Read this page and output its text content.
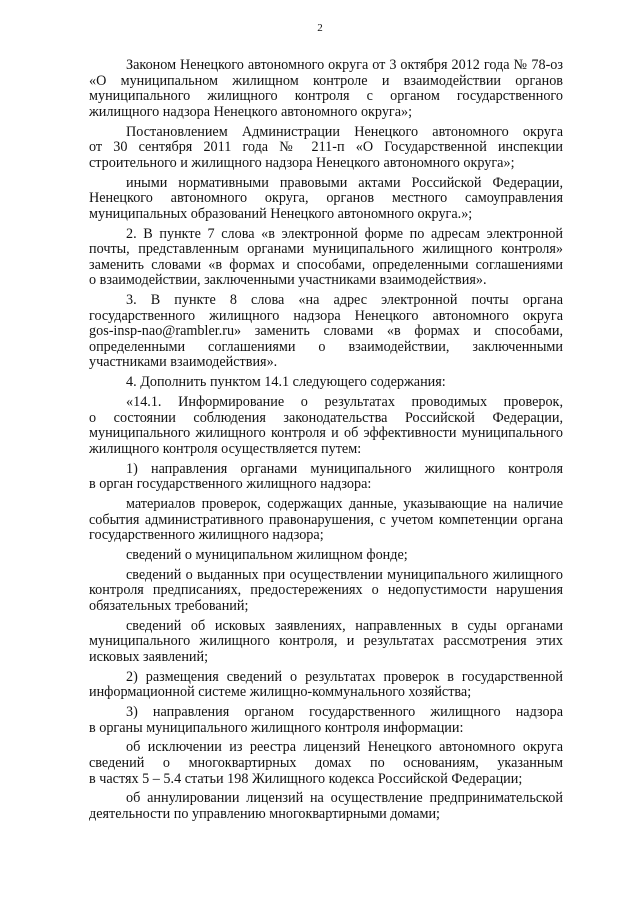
2
Законом Ненецкого автономного округа от 3 октября 2012 года № 78-оз
«О муниципальном жилищном контроле и взаимодействии органов
муниципального жилищного контроля с органом государственного
жилищного надзора Ненецкого автономного округа»;
Постановлением Администрации Ненецкого автономного округа
от 30 сентября 2011 года № 211-п «О Государственной инспекции
строительного и жилищного надзора Ненецкого автономного округа»;
иными нормативными правовыми актами Российской Федерации,
Ненецкого автономного округа, органов местного самоуправления
муниципальных образований Ненецкого автономного округа.»;
2. В пункте 7 слова «в электронной форме по адресам электронной
почты, представленным органами муниципального жилищного контроля»
заменить словами «в формах и способами, определенными соглашениями
о взаимодействии, заключенными участниками взаимодействия».
3. В пункте 8 слова «на адрес электронной почты органа
государственного жилищного надзора Ненецкого автономного округа
gos-insp-nao@rambler.ru» заменить словами «в формах и способами,
определенными соглашениями о взаимодействии, заключенными
участниками взаимодействия».
4. Дополнить пунктом 14.1 следующего содержания:
«14.1. Информирование о результатах проводимых проверок,
о состоянии соблюдения законодательства Российской Федерации,
муниципального жилищного контроля и об эффективности муниципального
жилищного контроля осуществляется путем:
1) направления органами муниципального жилищного контроля
в орган государственного жилищного надзора:
материалов проверок, содержащих данные, указывающие на наличие
события административного правонарушения, с учетом компетенции органа
государственного жилищного надзора;
сведений о муниципальном жилищном фонде;
сведений о выданных при осуществлении муниципального жилищного
контроля предписаниях, предостережениях о недопустимости нарушения
обязательных требований;
сведений об исковых заявлениях, направленных в суды органами
муниципального жилищного контроля, и результатах рассмотрения этих
исковых заявлений;
2) размещения сведений о результатах проверок в государственной
информационной системе жилищно-коммунального хозяйства;
3) направления органом государственного жилищного надзора
в органы муниципального жилищного контроля информации:
об исключении из реестра лицензий Ненецкого автономного округа
сведений о многоквартирных домах по основаниям, указанным
в частях 5 – 5.4 статьи 198 Жилищного кодекса Российской Федерации;
об аннулировании лицензий на осуществление предпринимательской
деятельности по управлению многоквартирными домами;
